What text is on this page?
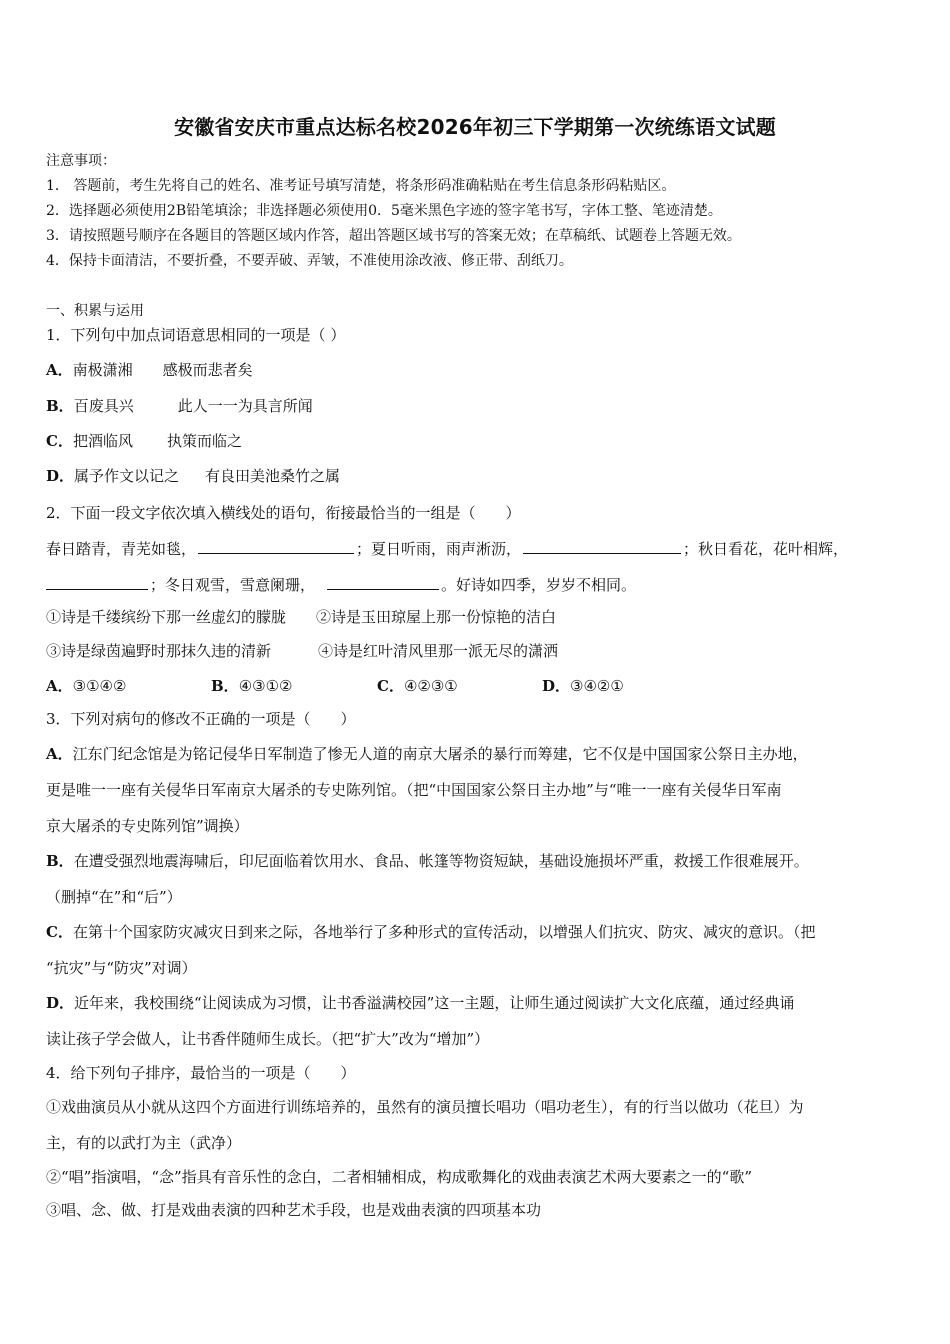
安徽省安庆市重点达标名校2026年初三下学期第一次统练语文试题
注意事项：
1． 答题前，考生先将自己的姓名、准考证号填写清楚，将条形码准确粘贴在考生信息条形码粘贴区。
2．选择题必须使用2B铅笔填涂；非选择题必须使用0．5毫米黑色字迹的签字笔书写，字体工整、笔迹清楚。
3．请按照题号顺序在各题目的答题区域内作答，超出答题区域书写的答案无效；在草稿纸、试题卷上答题无效。
4．保持卡面清洁，不要折叠，不要弄破、弄皱，不准使用涂改液、修正带、刮纸刀。
一、积累与运用
1．下列句中加点词语意思相同的一项是（ ）
A．南极潇湘 感极而悲者矣
B．百废具兴	此人一一为具言所闻
C．把酒临风 执策而临之
D．属予作文以记之 有良田美池桑竹之属
2．下面一段文字依次填入横线处的语句，衔接最恰当的一组是（　　）
春日踏青，青芜如毯，	；夏日听雨，雨声淅沥，	；秋日看花，花叶相辉，
；冬日观雪，雪意阑珊，	。好诗如四季，岁岁不相同。
①诗是千缕缤纷下那一丝虚幻的朦胧 ②诗是玉田琼屋上那一份惊艳的洁白
③诗是绿茵遍野时那抹久违的清新	④诗是红叶清风里那一派无尽的潇洒
A．③①④②	B．④③①②	C．④②③①	D．③④②①
3．下列对病句的修改不正确的一项是（　　）
A．江东门纪念馆是为铭记侵华日军制造了惨无人道的南京大屠杀的暴行而筹建，它不仅是中国国家公祭日主办地，
更是唯一一座有关侵华日军南京大屠杀的专史陈列馆。（把“中国国家公祭日主办地”与“唯一一座有关侵华日军南
京大屠杀的专史陈列馆”调换）
B．在遭受强烈地震海啸后，印尼面临着饮用水、食品、帐篷等物资短缺，基础设施损坏严重，救援工作很难展开。
（删掉“在”和“后”）
C．在第十个国家防灾减灾日到来之际，各地举行了多种形式的宣传活动，以增强人们抗灾、防灾、减灾的意识。（把
“抗灾”与“防灾”对调）
D．近年来，我校围绕“让阅读成为习惯，让书香溢满校园”这一主题，让师生通过阅读扩大文化底蕴，通过经典诵
读让孩子学会做人，让书香伴随师生成长。（把“扩大”改为“增加”）
4．给下列句子排序，最恰当的一项是（　　）
①戏曲演员从小就从这四个方面进行训练培养的，虽然有的演员擅长唱功（唱功老生），有的行当以做功（花旦）为
主，有的以武打为主（武净）
②“唱”指演唱，“念”指具有音乐性的念白，二者相辅相成，构成歌舞化的戏曲表演艺术两大要素之一的“歌”
③唱、念、做、打是戏曲表演的四种艺术手段，也是戏曲表演的四项基本功
